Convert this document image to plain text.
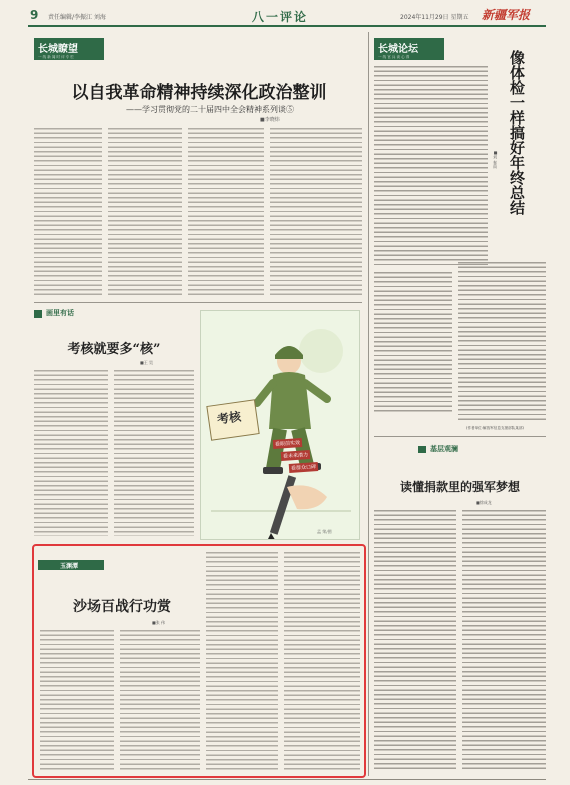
9 责任编辑/李振江 刘海	八一评论	2024年11月29日 星期五 新疆军报
长城瞭望
一 线 新 闻 时 评 专 栏
以自我革命精神持续深化政治整训
——学习贯彻党的二十届四中全会精神系列谈⑤
■李晓炜
长城论坛
一 线 官 兵 谈 心 得	像体检一样搞好年终总结
■刘 春雨
(作者单位:解放军信息支援部队某部)
基层观澜
读懂捐款里的强军梦想
■徐成龙
画里有话
考核就要多“核”
■王 昊
考核
看眼前实效
看未来潜力
看群众口碑
孟 荣/图
玉渊潭
沙场百战行功赏
■张 伟
